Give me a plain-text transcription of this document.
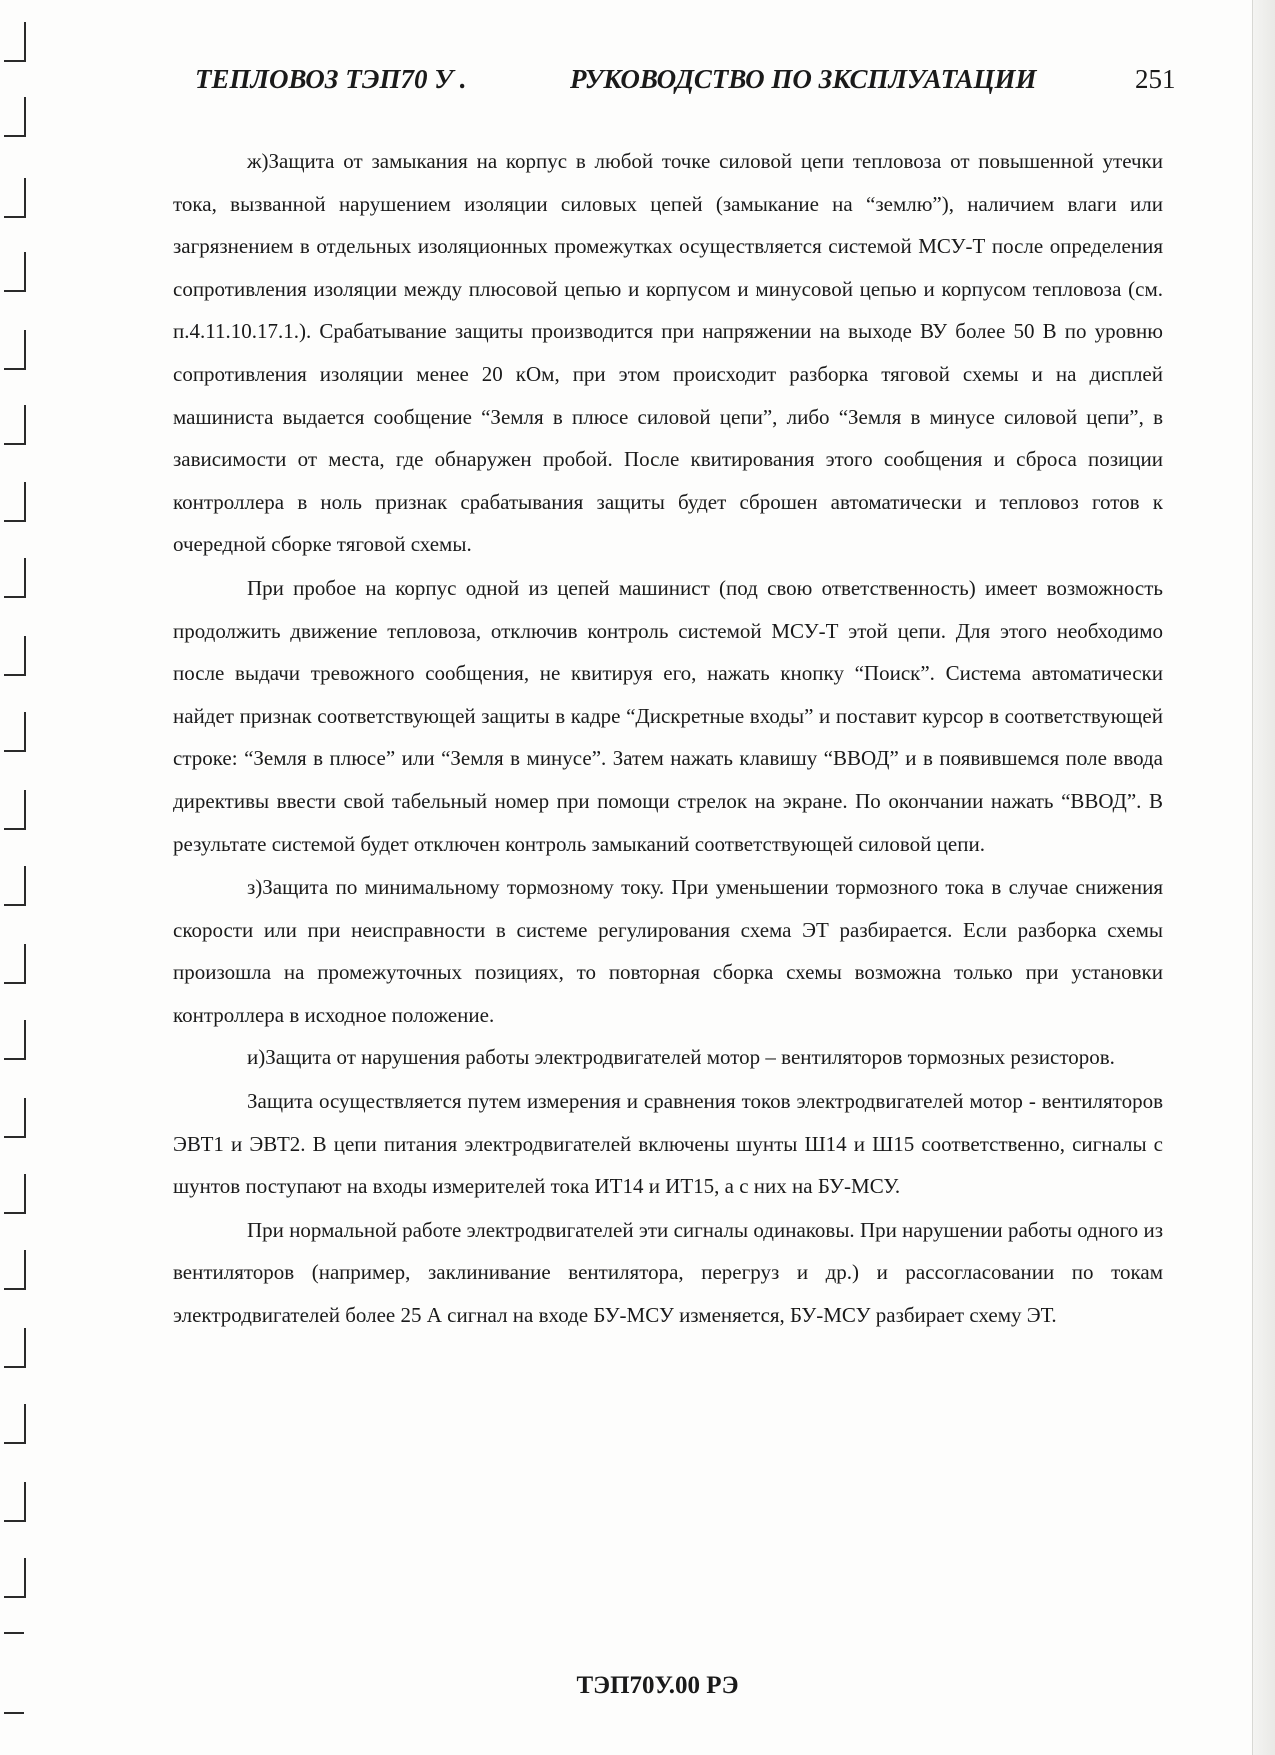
ТЕПЛОВОЗ ТЭП70 У .	РУКОВОДСТВО ПО ЗКСПЛУАТАЦИИ	251

ж)Защита от замыкания на корпус в любой точке силовой цепи тепловоза от повышенной утечки тока, вызванной нарушением изоляции силовых цепей (замыкание на “землю”), наличием влаги или загрязнением в отдельных изоляционных промежутках осуществляется системой МСУ-Т после определения сопротивления изоляции между плюсовой цепью и корпусом и минусовой цепью и корпусом тепловоза (см. п.4.11.10.17.1.). Срабатывание защиты производится при напряжении на выходе ВУ более 50 В по уровню сопротивления изоляции менее 20 кОм, при этом происходит разборка тяговой схемы и на дисплей машиниста выдается сообщение “Земля в плюсе силовой цепи”, либо “Земля в минусе силовой цепи”, в зависимости от места, где обнаружен пробой. После квитирования этого сообщения и сброса позиции контроллера в ноль признак срабатывания защиты будет сброшен автоматически и тепловоз готов к очередной сборке тяговой схемы.

При пробое на корпус одной из цепей машинист (под свою ответственность) имеет возможность продолжить движение тепловоза, отключив контроль системой МСУ-Т этой цепи. Для этого необходимо после выдачи тревожного сообщения, не квитируя его, нажать кнопку “Поиск”. Система автоматически найдет признак соответствующей защиты в кадре “Дискретные входы” и поставит курсор в соответствующей строке: “Земля в плюсе” или “Земля в минусе”. Затем нажать клавишу “ВВОД” и в появившемся поле ввода директивы ввести свой табельный номер при помощи стрелок на экране. По окончании нажать “ВВОД”. В результате системой будет отключен контроль замыканий соответствующей силовой цепи.

з)Защита по минимальному тормозному току. При уменьшении тормозного тока в случае снижения скорости или при неисправности в системе регулирования схема ЭТ разбирается. Если разборка схемы произошла на промежуточных позициях, то повторная сборка схемы возможна только при установки контроллера в исходное положение.

и)Защита от нарушения работы электродвигателей мотор – вентиляторов тормозных резисторов.

Защита осуществляется путем измерения и сравнения токов электродвигателей мотор - вентиляторов ЭВТ1 и ЭВТ2. В цепи питания электродвигателей включены шунты Ш14 и Ш15 соответственно, сигналы с шунтов поступают на входы измерителей тока ИТ14 и ИТ15, а с них на БУ-МСУ.

При нормальной работе электродвигателей эти сигналы одинаковы. При нарушении работы одного из вентиляторов (например, заклинивание вентилятора, перегруз и др.) и рассогласовании по токам электродвигателей более 25 А сигнал на входе БУ-МСУ изменяется, БУ-МСУ разбирает схему ЭТ.

ТЭП70У.00 РЭ
